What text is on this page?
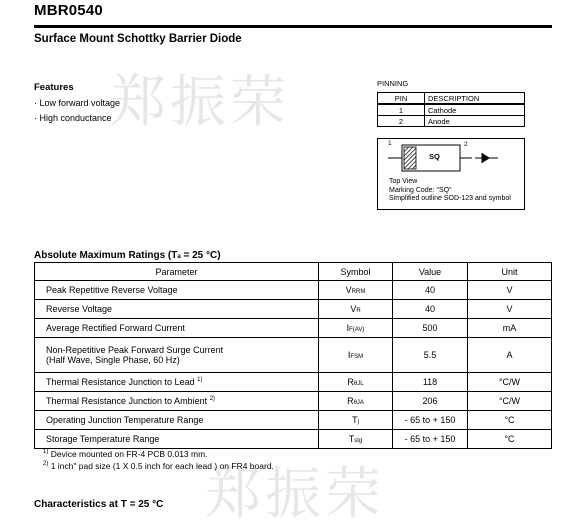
MBR0540
Surface Mount Schottky Barrier Diode
郑振荣
郑振荣
Features
· Low forward voltage
· High conductance
PINNING
PIN	DESCRIPTION
1	Cathode
2	Anode
1	2
SQ
Top View
Marking Code: "SQ"
Simplified outline SOD-123 and symbol
Absolute Maximum Ratings (Ta = 25 °C)
Parameter	Symbol	Value	Unit
Peak Repetitive Reverse Voltage	VRRM	40	V
Reverse Voltage	VR	40	V
Average Rectified Forward Current	IF(AV)	500	mA
Non-Repetitive Peak Forward Surge Current
(Half Wave, Single Phase, 60 Hz)	IFSM	5.5	A
Thermal Resistance Junction to Lead $^{1)}$	RθJL	118	°C/W
Thermal Resistance Junction to Ambient $^{2)}$	RθJA	206	°C/W
Operating Junction Temperature Range	Tj	- 65 to + 150	°C
Storage Temperature Range	Tstg	- 65 to + 150	°C
$^{1)}$ Device mounted on FR-4 PCB 0.013 mm.
$^{2)}$ 1 inch" pad size (1 X 0.5 inch for each lead ) on FR4 board.
Characteristics at T = 25 °C
